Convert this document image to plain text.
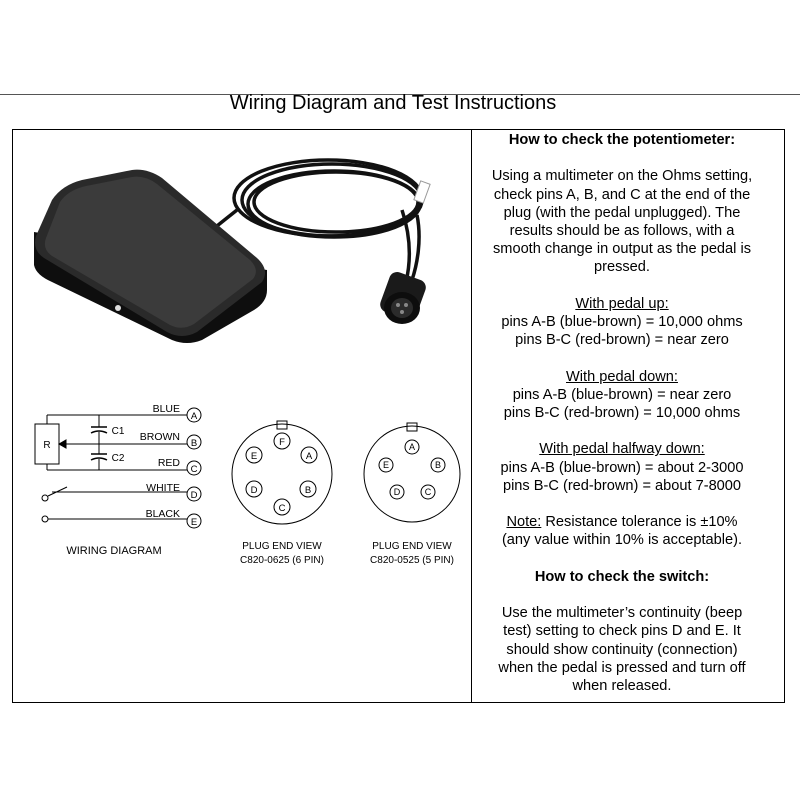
Wiring Diagram and Test Instructions
R
C1
C2
BLUE
BROWN
RED
WHITE
BLACK
A
B
C
D
E
WIRING DIAGRAM
F
A
B
C
D
E
PLUG END VIEW
C820-0625 (6 PIN)
A
B
C
D
E
PLUG END VIEW
C820-0525 (5 PIN)

How to check the potentiometer:

Using a multimeter on the Ohms setting,

check pins A, B, and C at the end of the

plug (with the pedal unplugged). The

results should be as follows, with a

smooth change in output as the pedal is

pressed.

With pedal up:

pins A-B (blue-brown) = 10,000 ohms

pins B-C (red-brown) = near zero

With pedal down:

pins A-B (blue-brown) = near zero

pins B-C (red-brown) = 10,000 ohms

With pedal halfway down:

pins A-B (blue-brown) = about 2-3000

pins B-C (red-brown) = about 7-8000

Note: Resistance tolerance is ±10%

(any value within 10% is acceptable).

How to check the switch:

Use the multimeter’s continuity (beep

test) setting to check pins D and E. It

should show continuity (connection)

when the pedal is pressed and turn off

when released.
